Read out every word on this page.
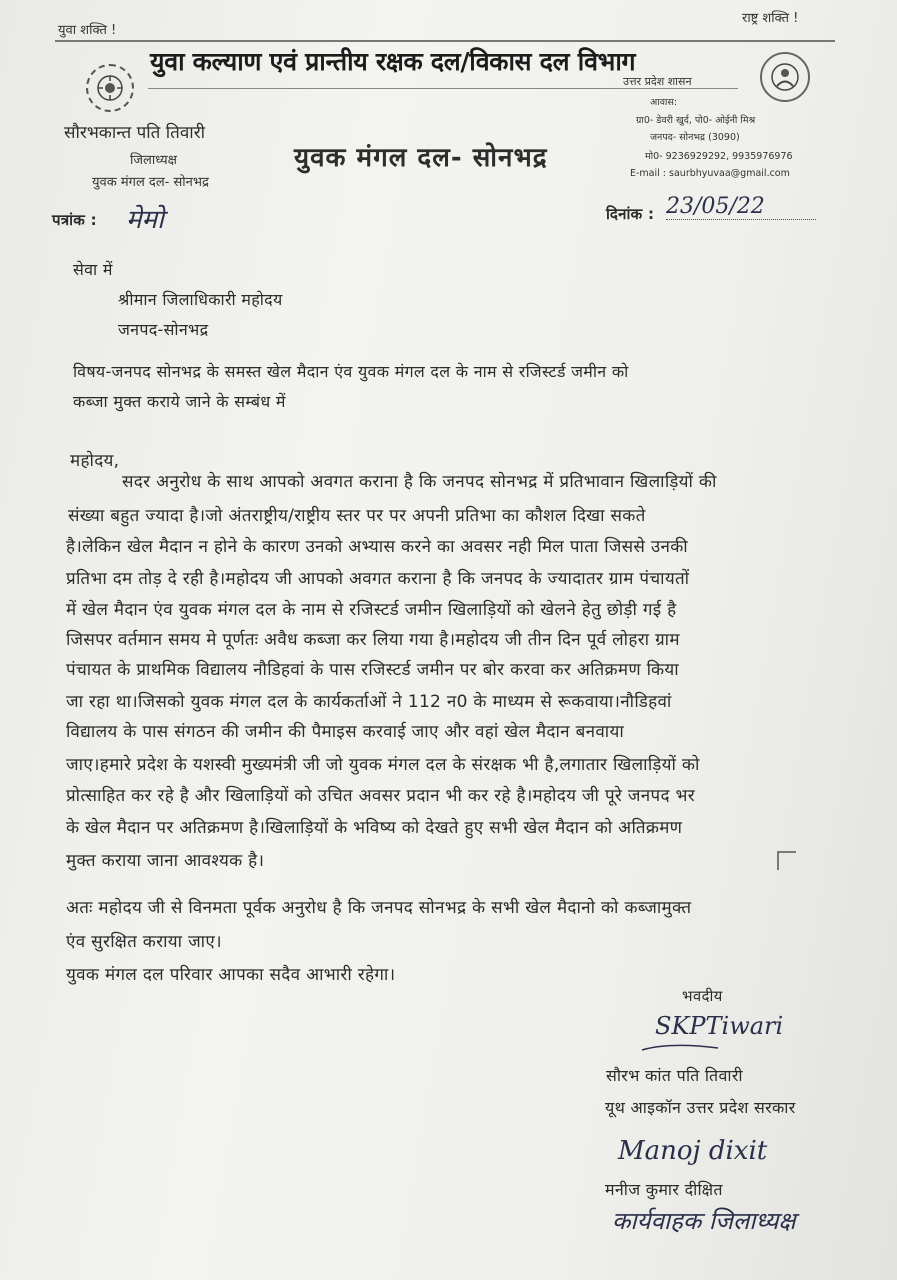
युवा शक्ति !
राष्ट्र शक्ति !
युवा कल्याण एवं प्रान्तीय रक्षक दल/विकास दल विभाग
उत्तर प्रदेश शासन
सौरभकान्त पति तिवारी
जिलाध्यक्ष
युवक मंगल दल- सोनभद्र
युवक मंगल दल- सोनभद्र
आवास:
ग्रा0- डेवरी खुर्द, पो0- ओईनी मिश्र
जनपद- सोनभद्र (3090)
मो0- 9236929292, 9935976976
E-mail : saurbhyuvaa@gmail.com
पत्रांक : मेमो	दिनांक : 23/05/22
सेवा में
श्रीमान जिलाधिकारी महोदय
जनपद-सोनभद्र
विषय-जनपद सोनभद्र के समस्त खेल मैदान एंव युवक मंगल दल के नाम से रजिस्टर्ड जमीन को
कब्जा मुक्त कराये जाने के सम्बंध में
महोदय,
सदर अनुरोध के साथ आपको अवगत कराना है कि जनपद सोनभद्र में प्रतिभावान खिलाड़ियों की
संख्या बहुत ज्यादा है।जो अंतराष्ट्रीय/राष्ट्रीय स्तर पर पर अपनी प्रतिभा का कौशल दिखा सकते
है।लेकिन खेल मैदान न होने के कारण उनको अभ्यास करने का अवसर नही मिल पाता जिससे उनकी
प्रतिभा दम तोड़ दे रही है।महोदय जी आपको अवगत कराना है कि जनपद के ज्यादातर ग्राम पंचायतों
में खेल मैदान एंव युवक मंगल दल के नाम से रजिस्टर्ड जमीन खिलाड़ियों को खेलने हेतु छोड़ी गई है
जिसपर वर्तमान समय मे पूर्णतः अवैध कब्जा कर लिया गया है।महोदय जी तीन दिन पूर्व लोहरा ग्राम
पंचायत के प्राथमिक विद्यालय नौडिहवां के पास रजिस्टर्ड जमीन पर बोर करवा कर अतिक्रमण किया
जा रहा था।जिसको युवक मंगल दल के कार्यकर्ताओं ने 112 न0 के माध्यम से रूकवाया।नौडिहवां
विद्यालय के पास संगठन की जमीन की पैमाइस करवाई जाए और वहां खेल मैदान बनवाया
जाए।हमारे प्रदेश के यशस्वी मुख्यमंत्री जी जो युवक मंगल दल के संरक्षक भी है,लगातार खिलाड़ियों को
प्रोत्साहित कर रहे है और खिलाड़ियों को उचित अवसर प्रदान भी कर रहे है।महोदय जी पूरे जनपद भर
के खेल मैदान पर अतिक्रमण है।खिलाड़ियों के भविष्य को देखते हुए सभी खेल मैदान को अतिक्रमण
मुक्त कराया जाना आवश्यक है।
अतः महोदय जी से विनमता पूर्वक अनुरोध है कि जनपद सोनभद्र के सभी खेल मैदानो को कब्जामुक्त
एंव सुरक्षित कराया जाए।
युवक मंगल दल परिवार आपका सदैव आभारी रहेगा।
भवदीय
SKPTiwari
सौरभ कांत पति तिवारी
यूथ आइकॉन उत्तर प्रदेश सरकार
Manoj dixit
मनीज कुमार दीक्षित
कार्यवाहक जिलाध्यक्ष
